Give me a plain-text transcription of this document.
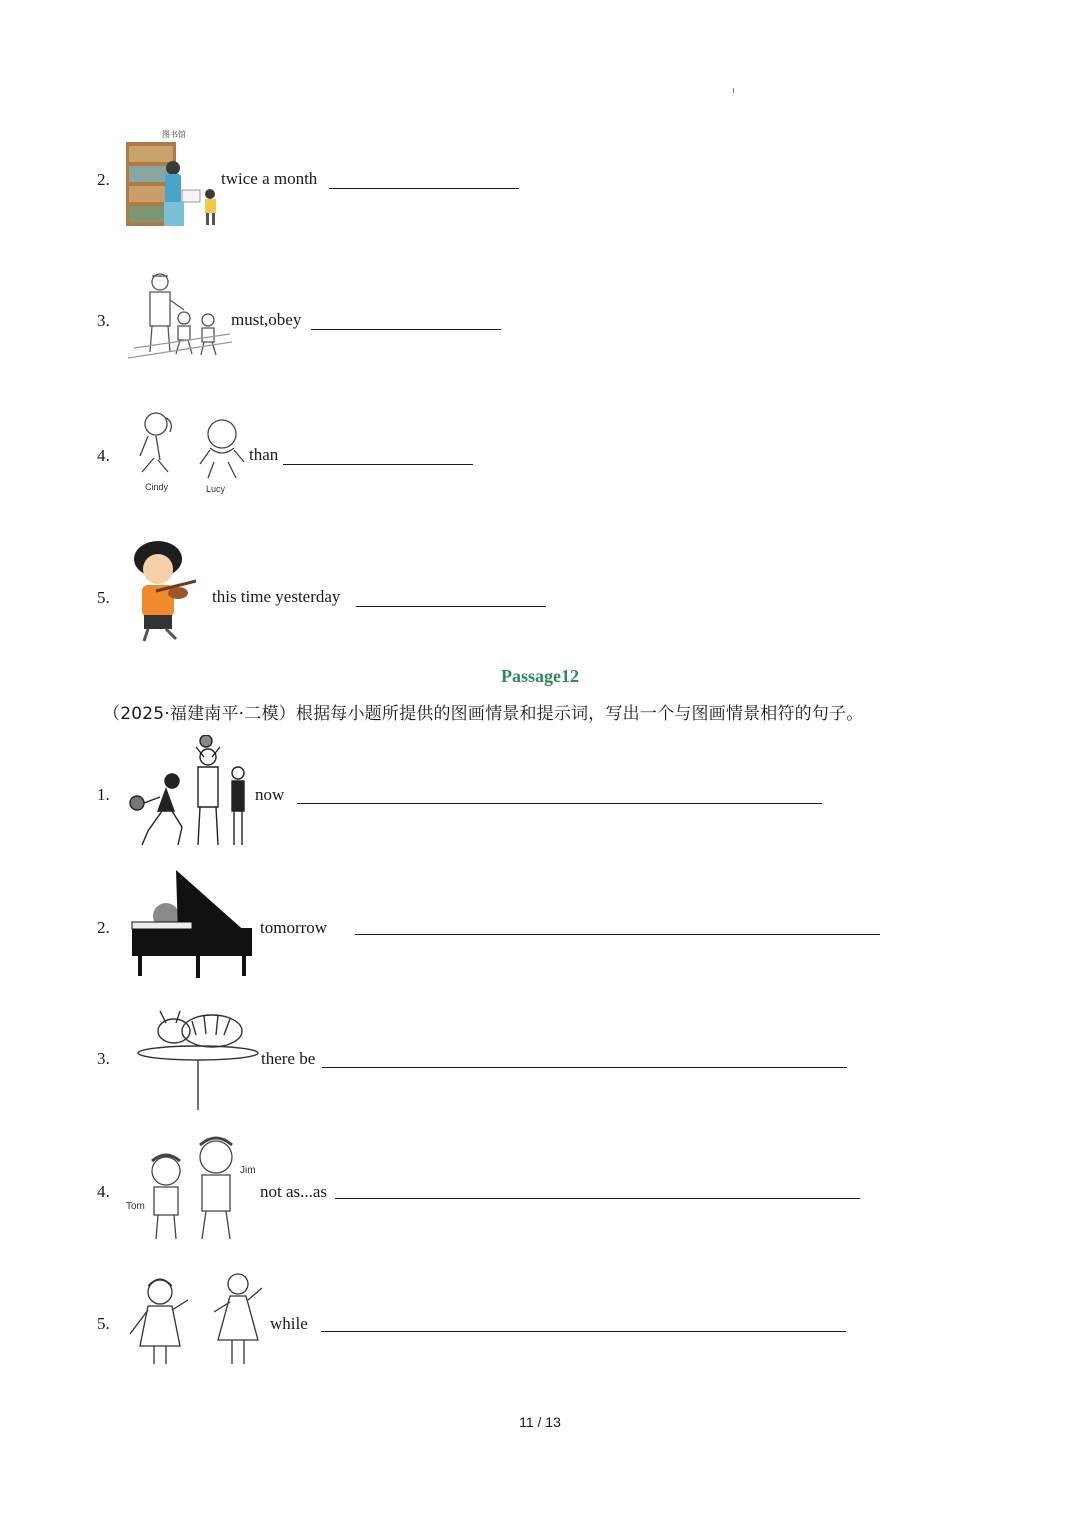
2.
图书馆
twice a month
3.	must,obey
4.
Cindy	Lucy
than
5.	this time yesterday
Passage12
（2025·福建南平·二模）根据每小题所提供的图画情景和提示词，写出一个与图画情景相符的句子。
1.	now
2.	tomorrow
3.	there be
4.
Tom
Jim
not as...as
5.	while
11 / 13
